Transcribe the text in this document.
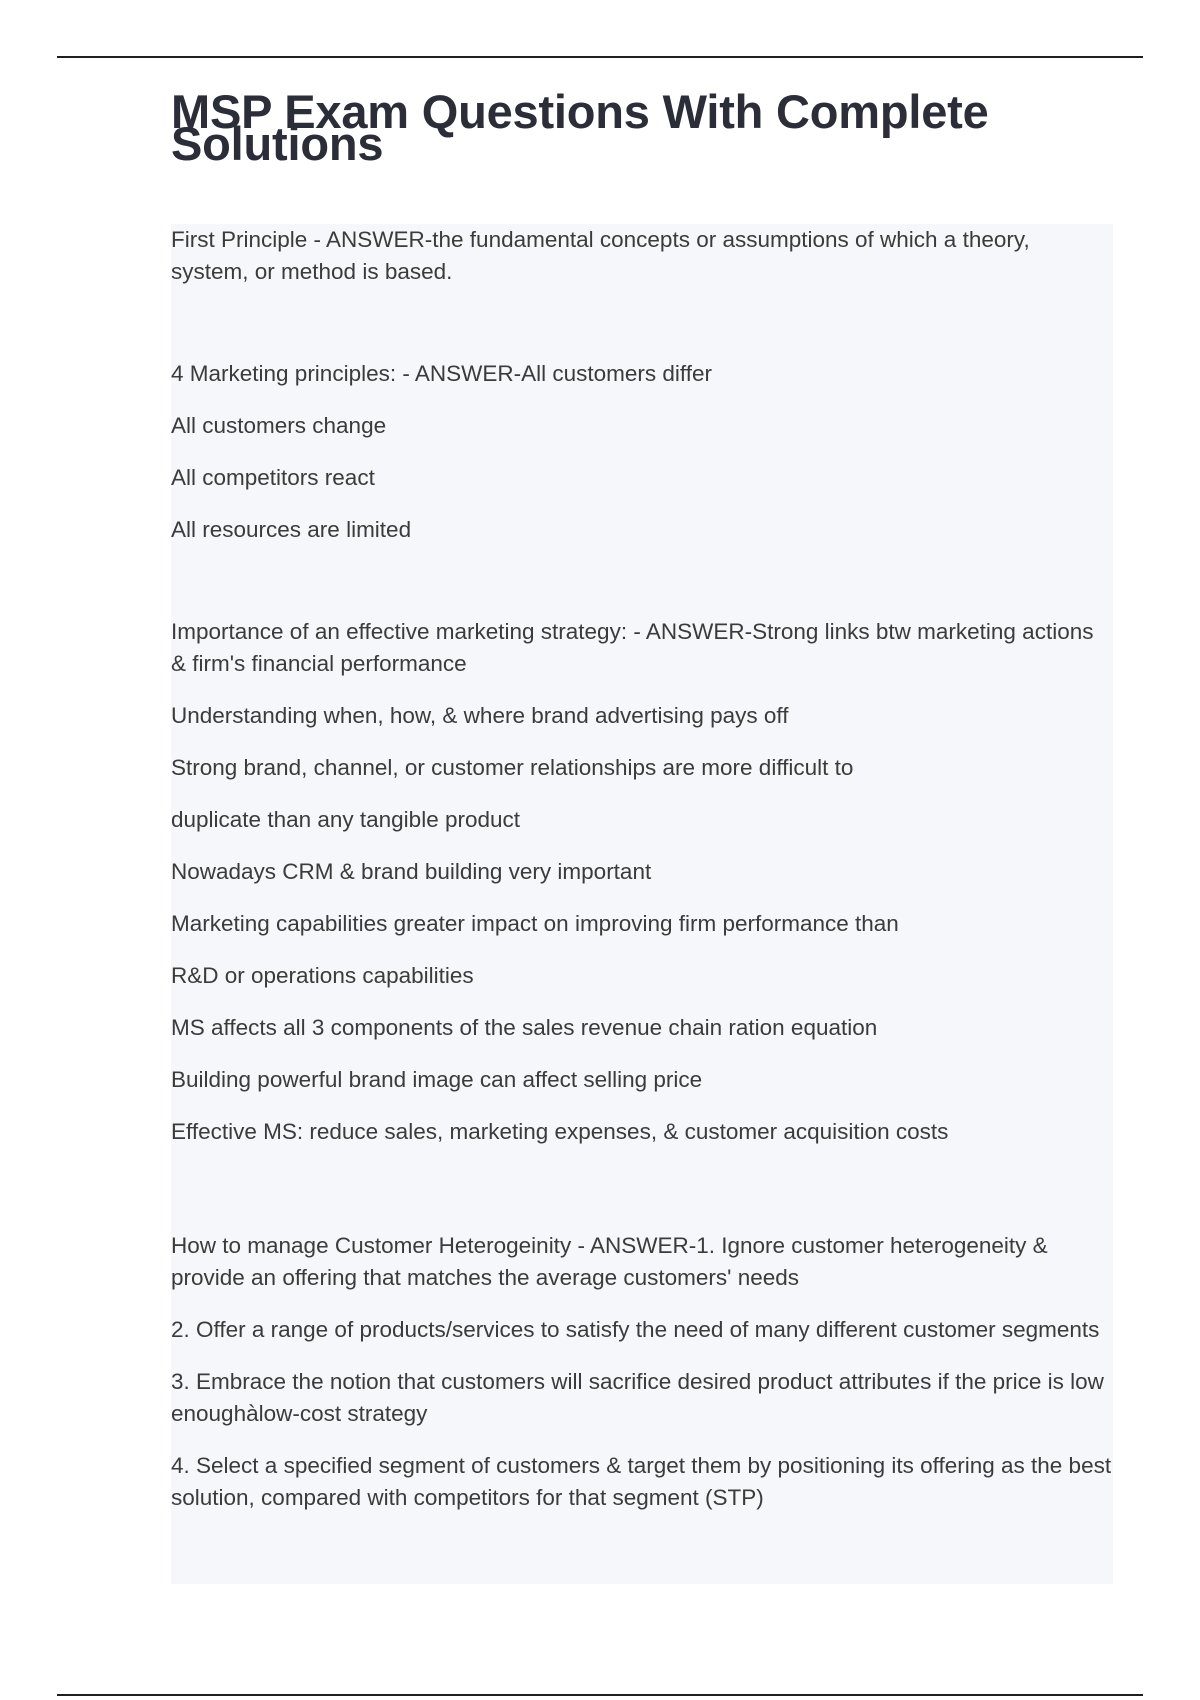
MSP Exam Questions With Complete Solutions

First Principle - ANSWER-the fundamental concepts or assumptions of which a theory, system, or method is based.

4 Marketing principles: - ANSWER-All customers differ

All customers change

All competitors react

All resources are limited

Importance of an effective marketing strategy: - ANSWER-Strong links btw marketing actions & firm's financial performance

Understanding when, how, & where brand advertising pays off

Strong brand, channel, or customer relationships are more difficult to

duplicate than any tangible product

Nowadays CRM & brand building very important

Marketing capabilities greater impact on improving firm performance than

R&D or operations capabilities

MS affects all 3 components of the sales revenue chain ration equation

Building powerful brand image can affect selling price

Effective MS: reduce sales, marketing expenses, & customer acquisition costs

How to manage Customer Heterogeinity - ANSWER-1. Ignore customer heterogeneity & provide an offering that matches the average customers' needs

2. Offer a range of products/services to satisfy the need of many different customer segments

3. Embrace the notion that customers will sacrifice desired product attributes if the price is low enoughàlow-cost strategy

4. Select a specified segment of customers & target them by positioning its offering as the best solution, compared with competitors for that segment (STP)
